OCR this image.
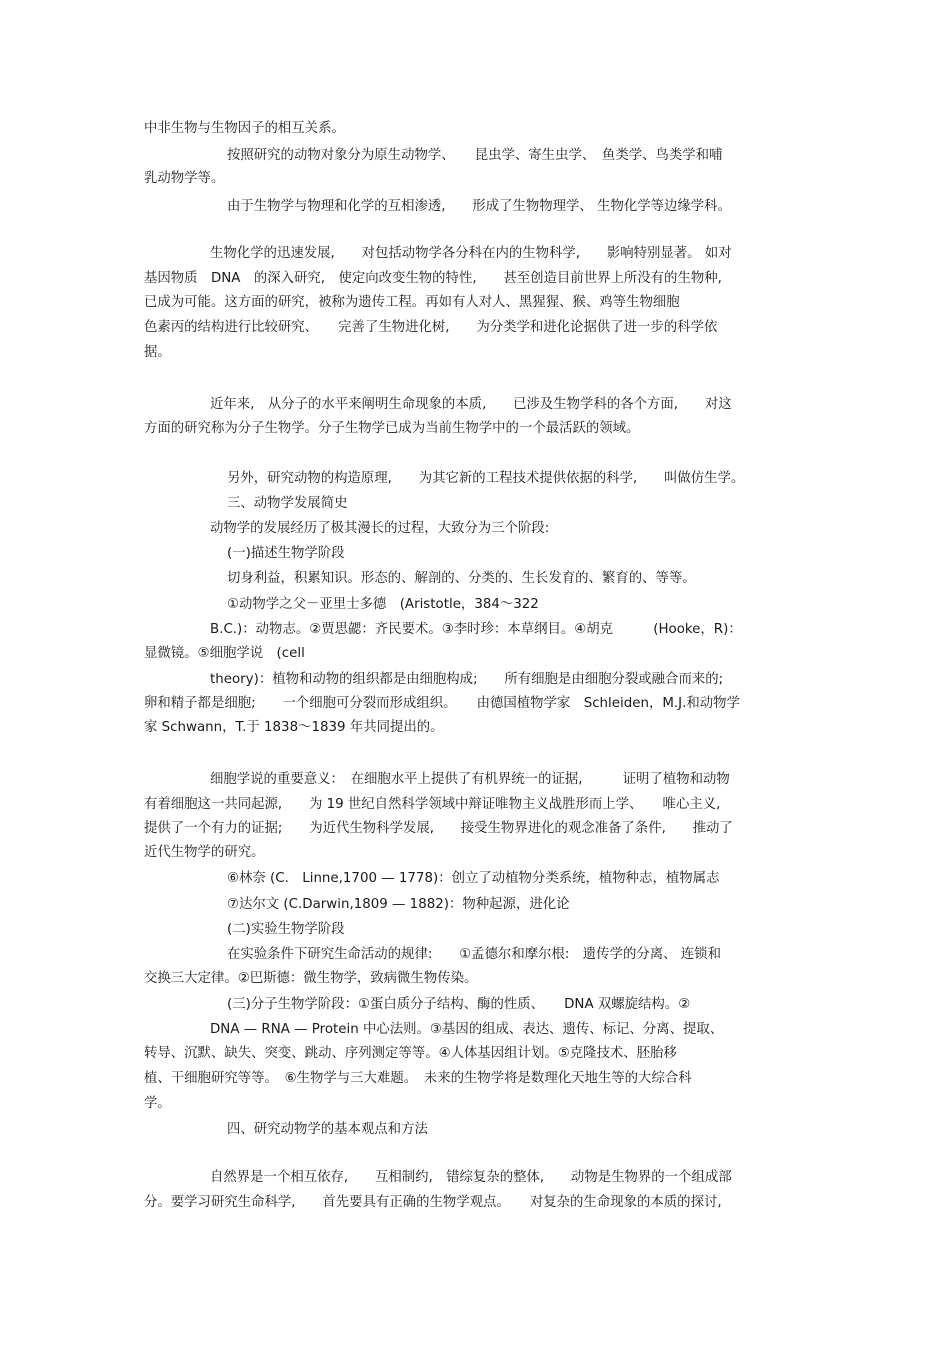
中非生物与生物因子的相互关系。
按照研究的动物对象分为原生动物学、　　昆虫学、寄生虫学、　鱼类学、鸟类学和哺
乳动物学等。
由于生物学与物理和化学的互相渗透,　　形成了生物物理学、 生物化学等边缘学科。
生物化学的迅速发展,　　对包括动物学各分科在内的生物科学,　　影响特别显著。 如对
基因物质　DNA　的深入研究,　使定向改变生物的特性,　　甚至创造目前世界上所没有的生物种,
已成为可能。这方面的研究，被称为遗传工程。再如有人对人、黑猩猩、猴、鸡等生物细胞
色素丙的结构进行比较研究、　　完善了生物进化树,　　为分类学和进化论据供了进一步的科学依
据。
近年来,　从分子的水平来阐明生命现象的本质,　　已涉及生物学科的各个方面,　　对这
方面的研究称为分子生物学。分子生物学已成为当前生物学中的一个最活跃的领域。
另外，研究动物的构造原理,　　为其它新的工程技术提供依据的科学,　　叫做仿生学。
三、动物学发展简史
动物学的发展经历了极其漫长的过程，大致分为三个阶段:
(一)描述生物学阶段
切身利益，积累知识。形态的、解剖的、分类的、生长发育的、繁育的、等等。
①动物学之父－亚里士多德　(Aristotle，384～322
B.C.)：动物志。②贾思勰：齐民要术。③李时珍：本草纲目。④胡克　　　(Hooke，R)：
显微镜。⑤细胞学说　(cell
theory)：植物和动物的组织都是由细胞构成;　　所有细胞是由细胞分裂或融合而来的;
卵和精子都是细胞;　　一个细胞可分裂而形成组织。　　由德国植物学家　Schleiden，M.J.和动物学
家 Schwann，T.于 1838～1839 年共同提出的。
细胞学说的重要意义：　在细胞水平上提供了有机界统一的证据,　　　证明了植物和动物
有着细胞这一共同起源,　　为 19 世纪自然科学领域中辩证唯物主义战胜形而上学、　　唯心主义,
提供了一个有力的证据;　　为近代生物科学发展,　　接受生物界进化的观念准备了条件,　　推动了
近代生物学的研究。
⑥林奈 (C.　Linne,1700 — 1778)：创立了动植物分类系统，植物种志，植物属志
⑦达尔文 (C.Darwin,1809 — 1882)：物种起源，进化论
(二)实验生物学阶段
在实验条件下研究生命活动的规律:　　①孟德尔和摩尔根:　遗传学的分离、 连锁和
交换三大定律。②巴斯德：微生物学，致病微生物传染。
(三)分子生物学阶段：①蛋白质分子结构、酶的性质、　　DNA 双螺旋结构。②
DNA — RNA — Protein 中心法则。③基因的组成、表达、遗传、标记、分离、提取、
转导、沉默、缺失、突变、跳动、序列测定等等。④人体基因组计划。⑤克隆技术、胚胎移
植、干细胞研究等等。　⑥生物学与三大难题。　未来的生物学将是数理化天地生等的大综合科
学。
四、研究动物学的基本观点和方法
自然界是一个相互依存,　　互相制约,　错综复杂的整体,　　动物是生物界的一个组成部
分。要学习研究生命科学,　　首先要具有正确的生物学观点。　　对复杂的生命现象的本质的探讨,
